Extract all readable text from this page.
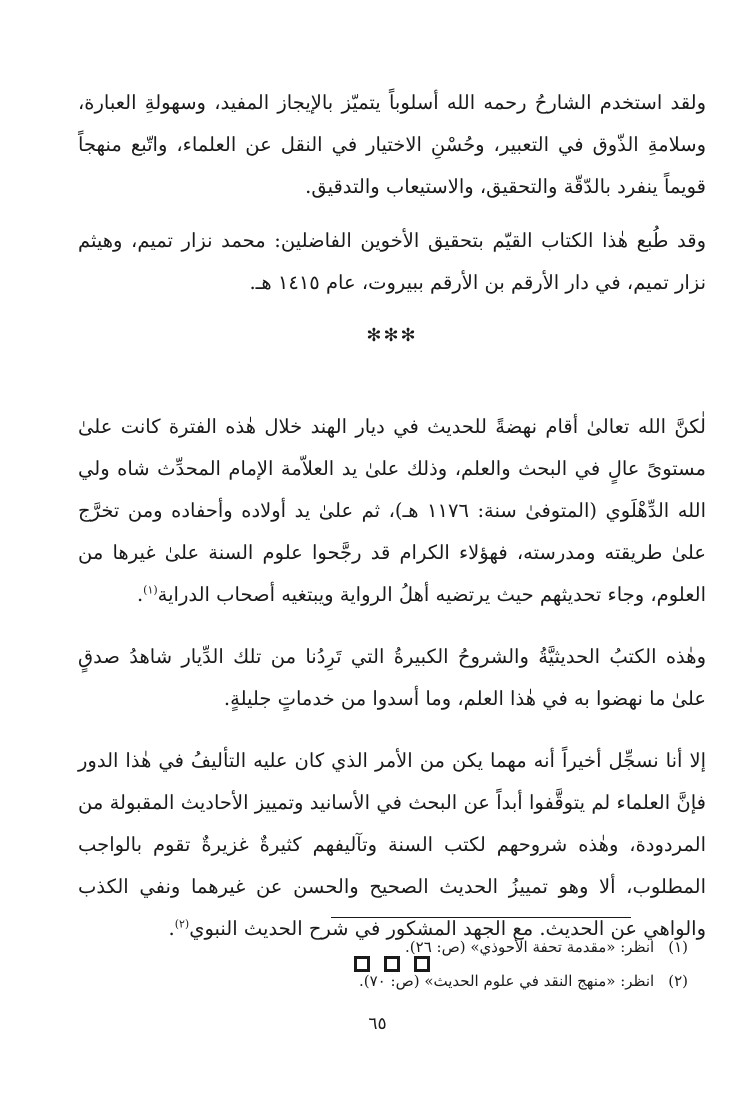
ولقد استخدم الشارحُ رحمه الله أسلوباً يتميّز بالإيجاز المفيد، وسهولةِ العبارة، وسلامةِ الذّوق في التعبير، وحُسْنِ الاختيار في النقل عن العلماء، واتّبع منهجاً قويماً ينفرد بالدّقّة والتحقيق، والاستيعاب والتدقيق.

وقد طُبع هٰذا الكتاب القيّم بتحقيق الأخوين الفاضلين: محمد نزار تميم، وهيثم نزار تميم، في دار الأرقم بن الأرقم ببيروت، عام ١٤١٥ هـ.

✻✻✻

لٰكنَّ الله تعالىٰ أقام نهضةً للحديث في ديار الهند خلال هٰذه الفترة كانت علىٰ مستوىً عالٍ في البحث والعلم، وذلك علىٰ يد العلاّمة الإمام المحدِّث شاه ولي الله الدِّهْلَوي (المتوفىٰ سنة: ١١٧٦ هـ)، ثم علىٰ يد أولاده وأحفاده ومن تخرَّج علىٰ طريقته ومدرسته، فهؤلاء الكرام قد رجَّحوا علوم السنة علىٰ غيرها من العلوم، وجاء تحديثهم حيث يرتضيه أهلُ الرواية ويبتغيه أصحاب الدراية$^{(١)}$.

وهٰذه الكتبُ الحديثيَّةُ والشروحُ الكبيرةُ التي تَرِدُنا من تلك الدِّيار شاهدُ صدقٍ علىٰ ما نهضوا به في هٰذا العلم، وما أسدوا من خدماتٍ جليلةٍ.

إلا أنا نسجِّل أخيراً أنه مهما يكن من الأمر الذي كان عليه التأليفُ في هٰذا الدور فإنَّ العلماء لم يتوقَّفوا أبداً عن البحث في الأسانيد وتمييز الأحاديث المقبولة من المردودة، وهٰذه شروحهم لكتب السنة وتآليفهم كثيرةٌ غزيرةٌ تقوم بالواجب المطلوب، ألا وهو تمييزُ الحديث الصحيح والحسن عن غيرهما ونفي الكذب والواهي عن الحديث. مع الجهد المشكور في شرح الحديث النبوي$^{(٢)}$.

(١)انظر: «مقدمة تحفة الأحوذي» (ص: ٢٦).

(٢)انظر: «منهج النقد في علوم الحديث» (ص: ٧٠).

٦٥
